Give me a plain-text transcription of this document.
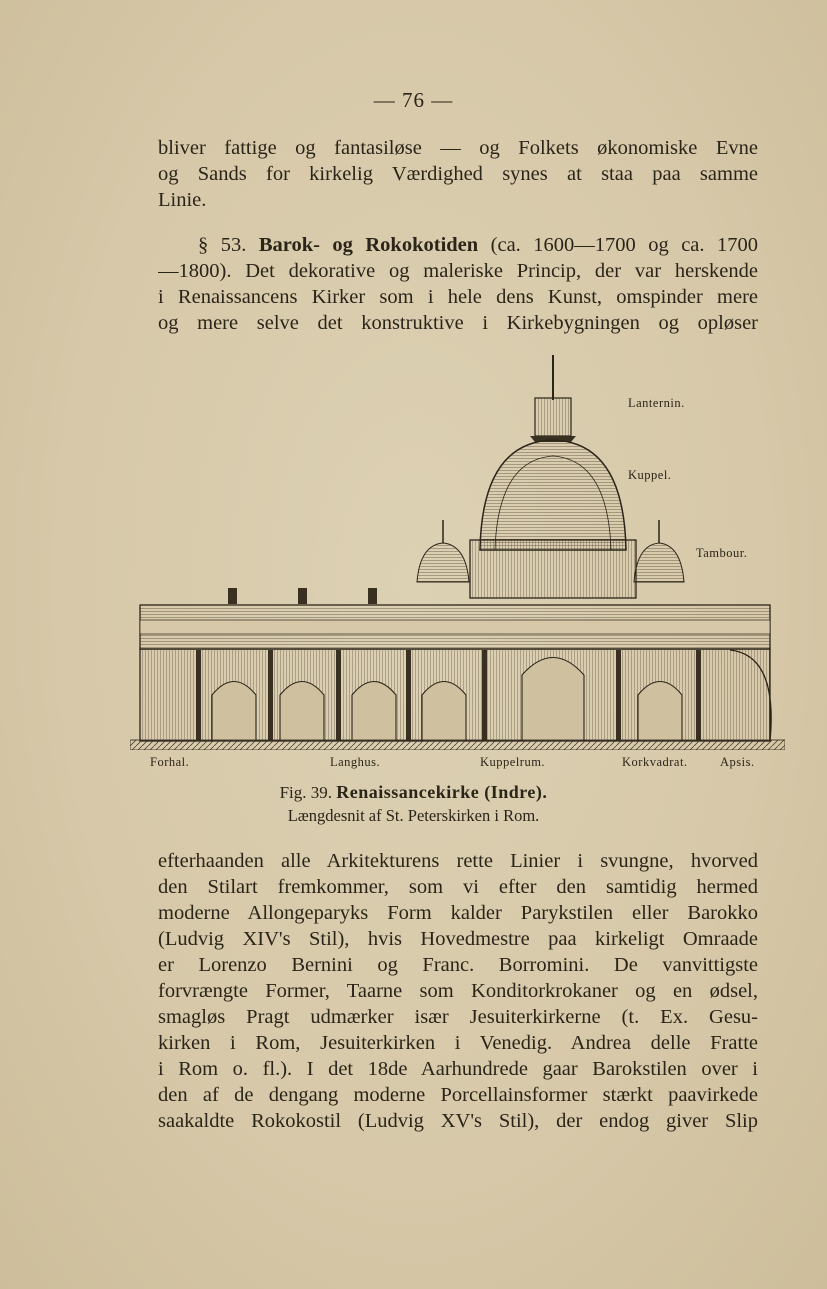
— 76 —
bliver fattige og fantasiløse — og Folkets økonomiske Evne
og Sands for kirkelig Værdighed synes at staa paa samme
Linie.
§ 53. Barok- og Rokokotiden (ca. 1600—1700 og ca. 1700
—1800). Det dekorative og maleriske Princip, der var herskende
i Renaissancens Kirker som i hele dens Kunst, omspinder mere
og mere selve det konstruktive i Kirkebygningen og opløser
Lanternin.
Kuppel.
Tambour.
Forhal.	Langhus.	Kuppelrum.	Korkvadrat.	Apsis.
Fig. 39. Renaissancekirke (Indre).
Længdesnit af St. Peterskirken i Rom.
efterhaanden alle Arkitekturens rette Linier i svungne, hvorved
den Stilart fremkommer, som vi efter den samtidig hermed
moderne Allongeparyks Form kalder Parykstilen eller Barokko
(Ludvig XIV's Stil), hvis Hovedmestre paa kirkeligt Omraade
er Lorenzo Bernini og Franc. Borromini. De vanvittigste
forvrængte Former, Taarne som Konditorkrokaner og en ødsel,
smagløs Pragt udmærker især Jesuiterkirkerne (t. Ex. Gesu-
kirken i Rom, Jesuiterkirken i Venedig. Andrea delle Fratte
i Rom o. fl.). I det 18de Aarhundrede gaar Barokstilen over i
den af de dengang moderne Porcellainsformer stærkt paavirkede
saakaldte Rokokostil (Ludvig XV's Stil), der endog giver Slip
